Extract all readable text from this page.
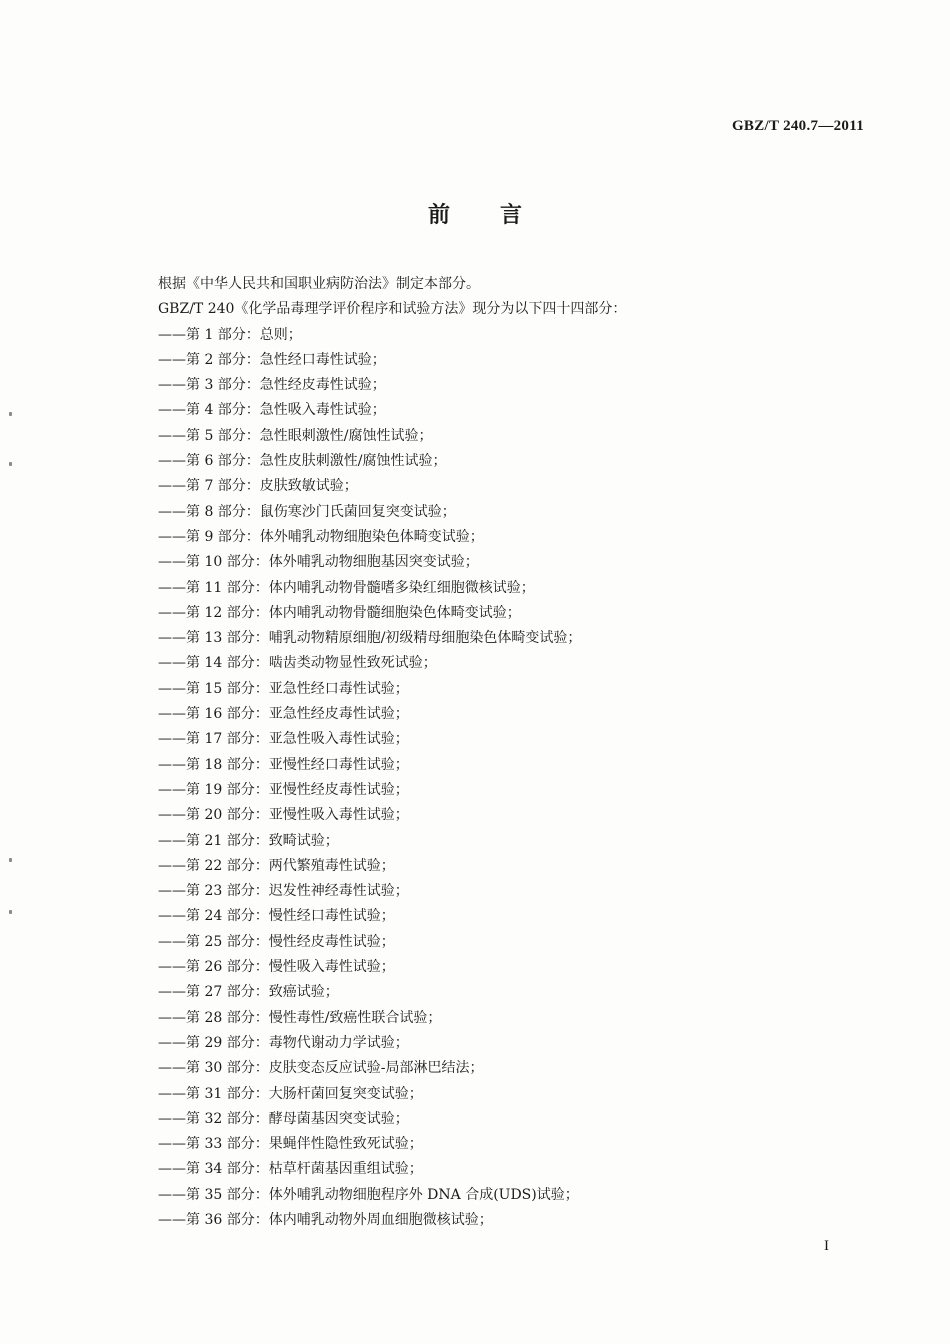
GBZ/T 240.7—2011
前言
根据《中华人民共和国职业病防治法》制定本部分。
GBZ/T 240《化学品毒理学评价程序和试验方法》现分为以下四十四部分：
——第 1 部分：总则；
——第 2 部分：急性经口毒性试验；
——第 3 部分：急性经皮毒性试验；
——第 4 部分：急性吸入毒性试验；
——第 5 部分：急性眼刺激性/腐蚀性试验；
——第 6 部分：急性皮肤刺激性/腐蚀性试验；
——第 7 部分：皮肤致敏试验；
——第 8 部分：鼠伤寒沙门氏菌回复突变试验；
——第 9 部分：体外哺乳动物细胞染色体畸变试验；
——第 10 部分：体外哺乳动物细胞基因突变试验；
——第 11 部分：体内哺乳动物骨髓嗜多染红细胞微核试验；
——第 12 部分：体内哺乳动物骨髓细胞染色体畸变试验；
——第 13 部分：哺乳动物精原细胞/初级精母细胞染色体畸变试验；
——第 14 部分：啮齿类动物显性致死试验；
——第 15 部分：亚急性经口毒性试验；
——第 16 部分：亚急性经皮毒性试验；
——第 17 部分：亚急性吸入毒性试验；
——第 18 部分：亚慢性经口毒性试验；
——第 19 部分：亚慢性经皮毒性试验；
——第 20 部分：亚慢性吸入毒性试验；
——第 21 部分：致畸试验；
——第 22 部分：两代繁殖毒性试验；
——第 23 部分：迟发性神经毒性试验；
——第 24 部分：慢性经口毒性试验；
——第 25 部分：慢性经皮毒性试验；
——第 26 部分：慢性吸入毒性试验；
——第 27 部分：致癌试验；
——第 28 部分：慢性毒性/致癌性联合试验；
——第 29 部分：毒物代谢动力学试验；
——第 30 部分：皮肤变态反应试验-局部淋巴结法；
——第 31 部分：大肠杆菌回复突变试验；
——第 32 部分：酵母菌基因突变试验；
——第 33 部分：果蝇伴性隐性致死试验；
——第 34 部分：枯草杆菌基因重组试验；
——第 35 部分：体外哺乳动物细胞程序外 DNA 合成(UDS)试验；
——第 36 部分：体内哺乳动物外周血细胞微核试验；
I
